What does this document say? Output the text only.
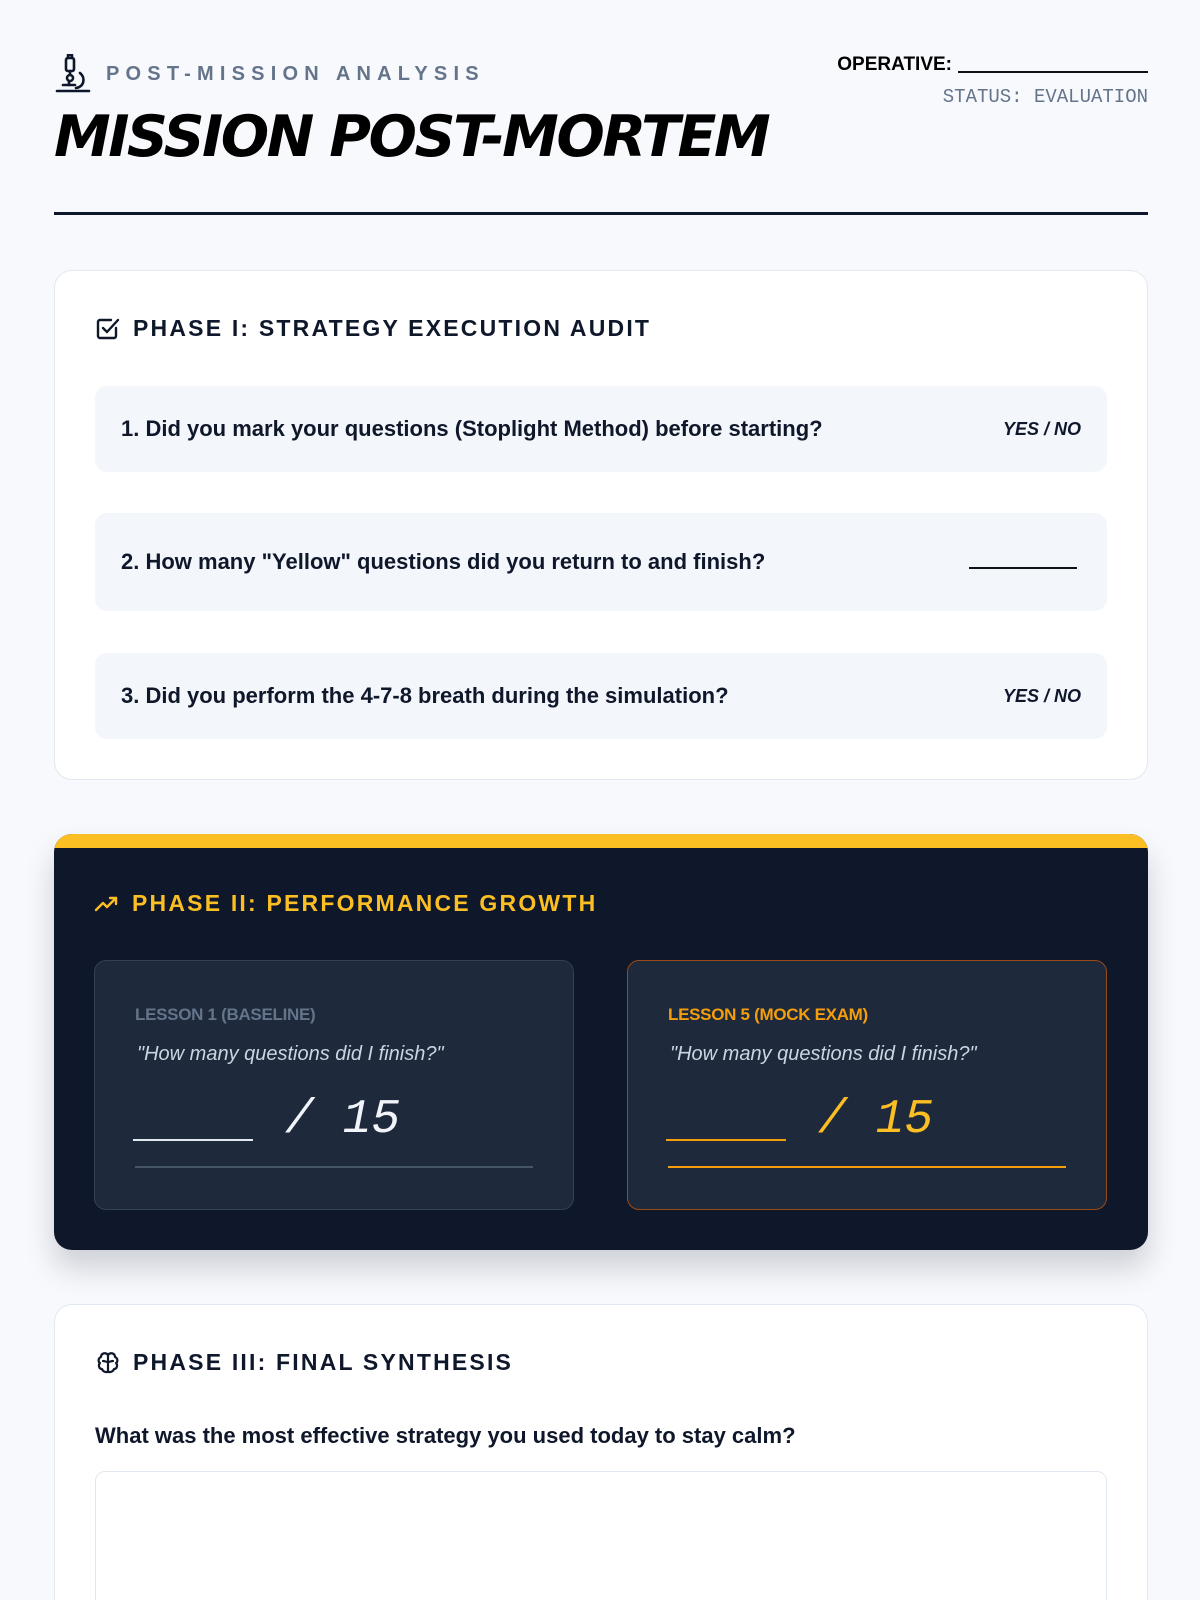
POST-MISSION ANALYSIS
MISSION POST-MORTEM
OPERATIVE:
STATUS: EVALUATION
PHASE I: STRATEGY EXECUTION AUDIT
1. Did you mark your questions (Stoplight Method) before starting?	YES / NO
2. How many "Yellow" questions did you return to and finish?
3. Did you perform the 4-7-8 breath during the simulation?	YES / NO
PHASE II: PERFORMANCE GROWTH
LESSON 1 (BASELINE)
"How many questions did I finish?"
/ 15
LESSON 5 (MOCK EXAM)
"How many questions did I finish?"
/ 15
PHASE III: FINAL SYNTHESIS
What was the most effective strategy you used today to stay calm?
